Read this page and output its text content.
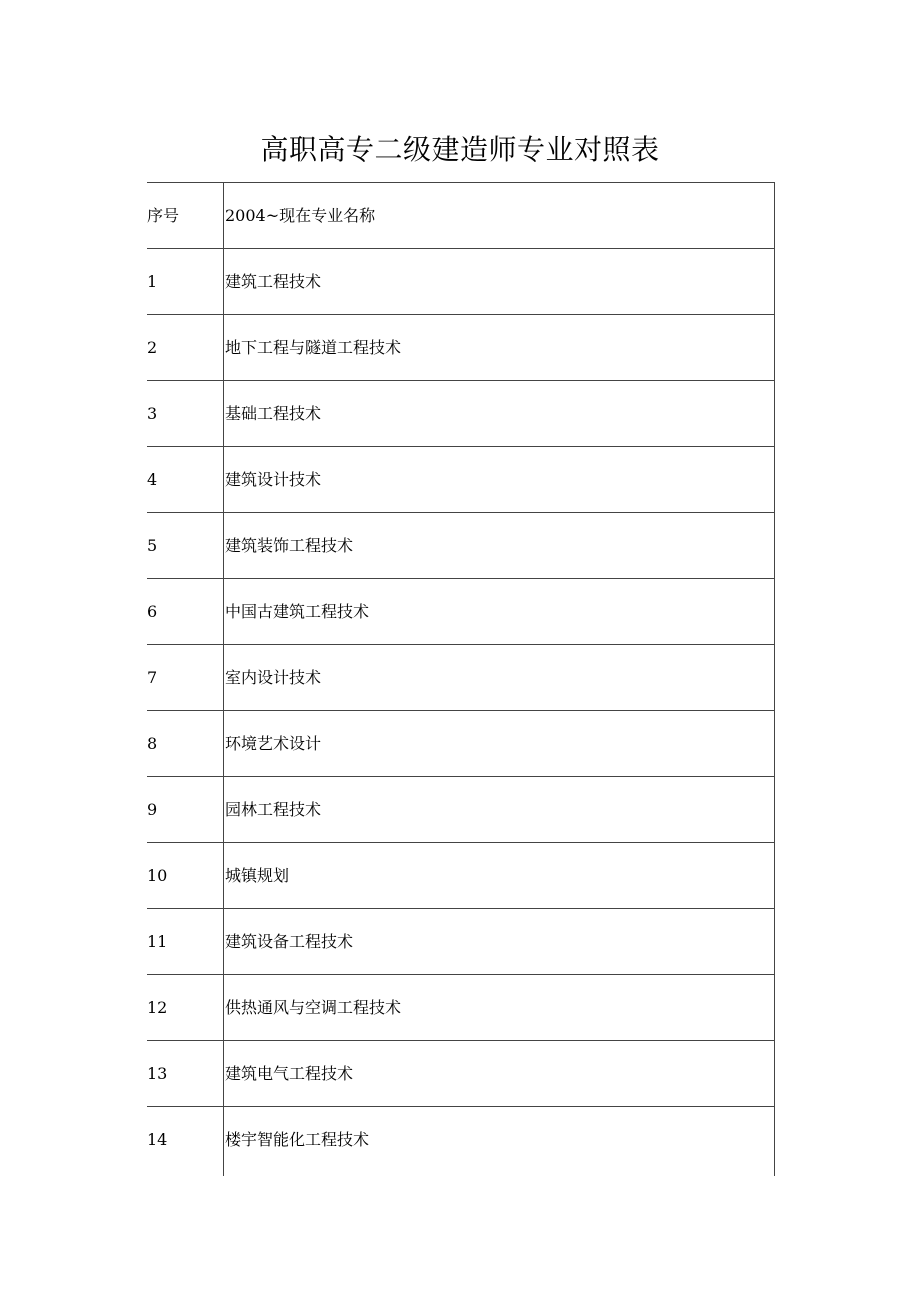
高职高专二级建造师专业对照表
序号	2004~现在专业名称
1	建筑工程技术
2	地下工程与隧道工程技术
3	基础工程技术
4	建筑设计技术
5	建筑装饰工程技术
6	中国古建筑工程技术
7	室内设计技术
8	环境艺术设计
9	园林工程技术
10	城镇规划
11	建筑设备工程技术
12	供热通风与空调工程技术
13	建筑电气工程技术
14	楼宇智能化工程技术
